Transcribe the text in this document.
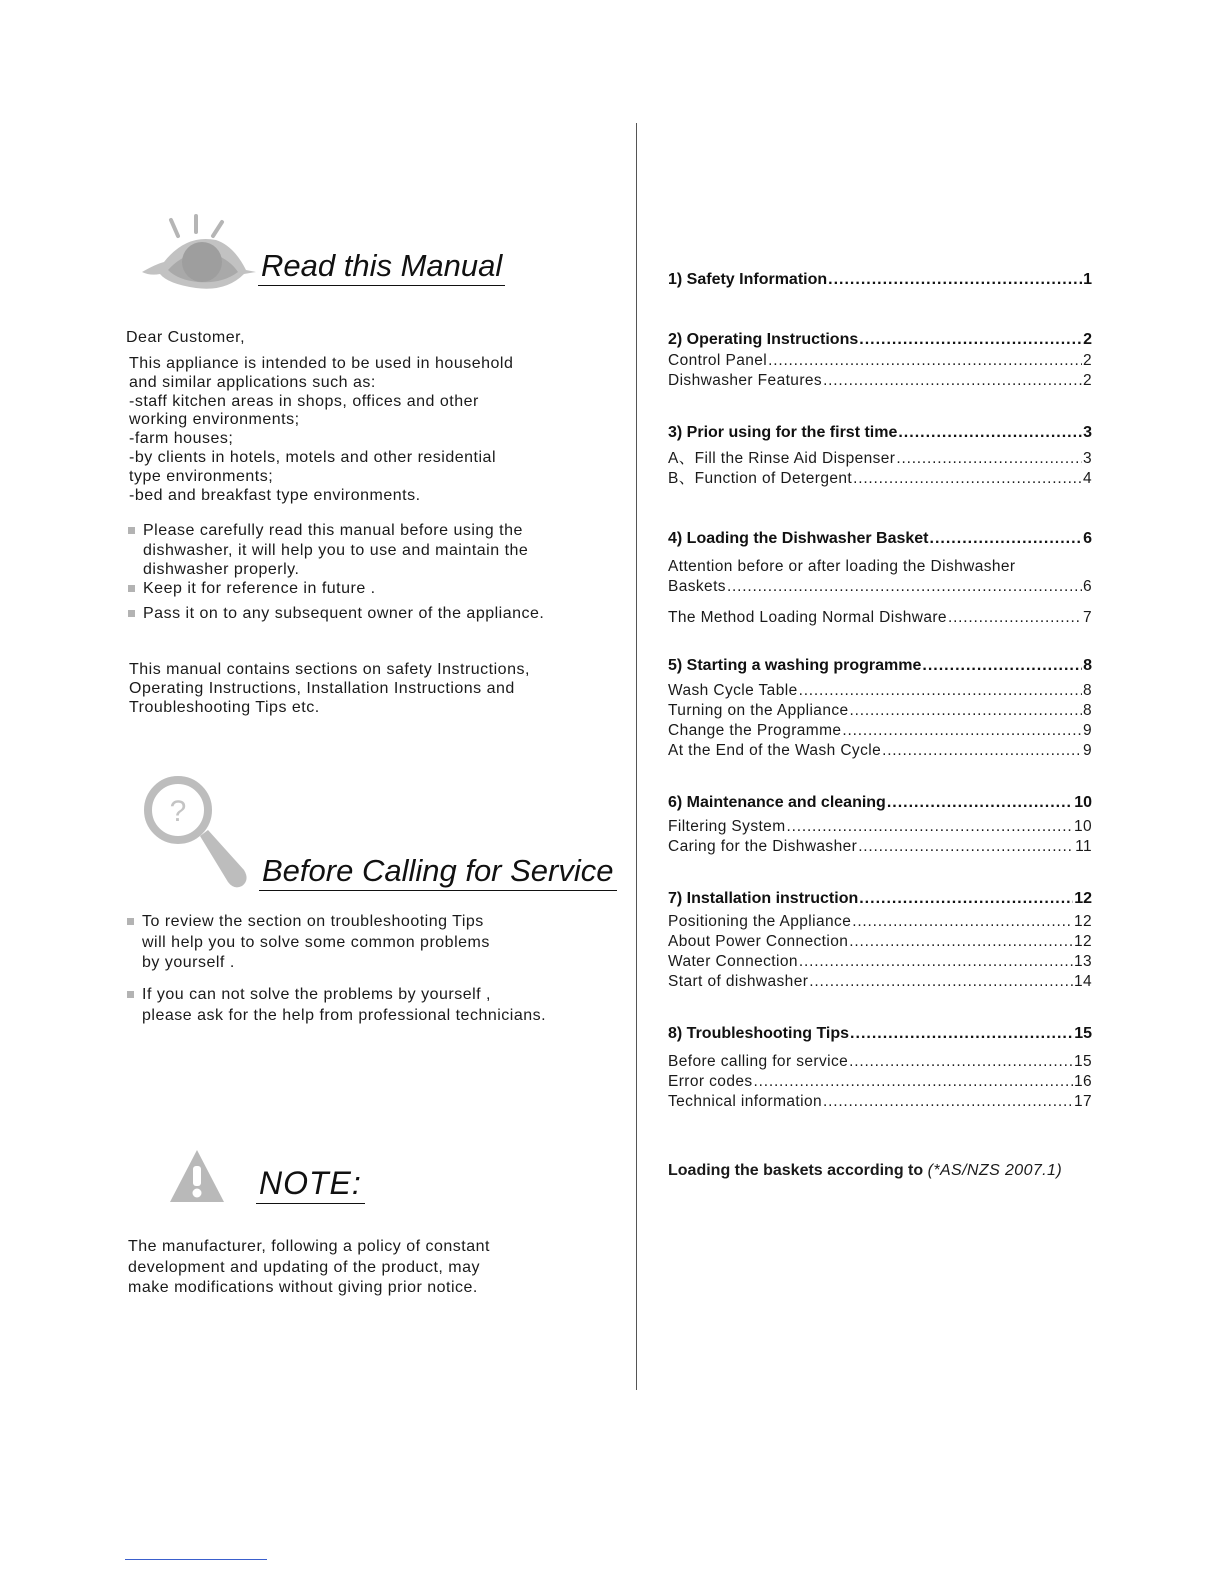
Read this Manual
Dear Customer,
This appliance is intended to be used in household
and similar applications such as:
-staff kitchen areas in shops, offices and other
working environments;
-farm houses;
-by clients in hotels, motels and other residential
type environments;
-bed and breakfast type environments.
Please carefully read this manual before using the
dishwasher, it will help you to use and maintain the
dishwasher properly.
Keep it for reference in future .
Pass it on to any subsequent owner of the appliance.
This manual contains sections on safety Instructions,
Operating Instructions, Installation Instructions and
Troubleshooting Tips etc.
?
Before Calling for Service
To review the section on troubleshooting Tips
will help you to solve some common problems
by yourself .
If you can not solve the problems by yourself ,
please ask for the help from professional technicians.
NOTE:
The manufacturer, following a policy of constant
development and updating of the product, may
make modifications without giving prior notice.
1) Safety Information .....	1
2) Operating Instructions .....	2
Control Panel .....	2
Dishwasher Features .....	2
3) Prior using for the first time .....	3
A、Fill the Rinse Aid Dispenser .....	3
B、Function of Detergent .....	4
4) Loading the Dishwasher Basket .....	6
Attention before or after loading the Dishwasher
Baskets .....	6
The Method Loading Normal Dishware .....	7
5) Starting a washing programme .....	8
Wash Cycle Table .....	8
Turning on the Appliance .....	8
Change the Programme .....	9
At the End of the Wash Cycle .....	9
6) Maintenance and cleaning .....	10
Filtering System .....	10
Caring for the Dishwasher .....	11
7) Installation instruction .....	12
Positioning the Appliance .....	12
About Power Connection .....	12
Water Connection .....	13
Start of dishwasher .....	14
8) Troubleshooting Tips .....	15
Before calling for service .....	15
Error codes .....	16
Technical information .....	17
Loading the baskets according to (*AS/NZS 2007.1)
